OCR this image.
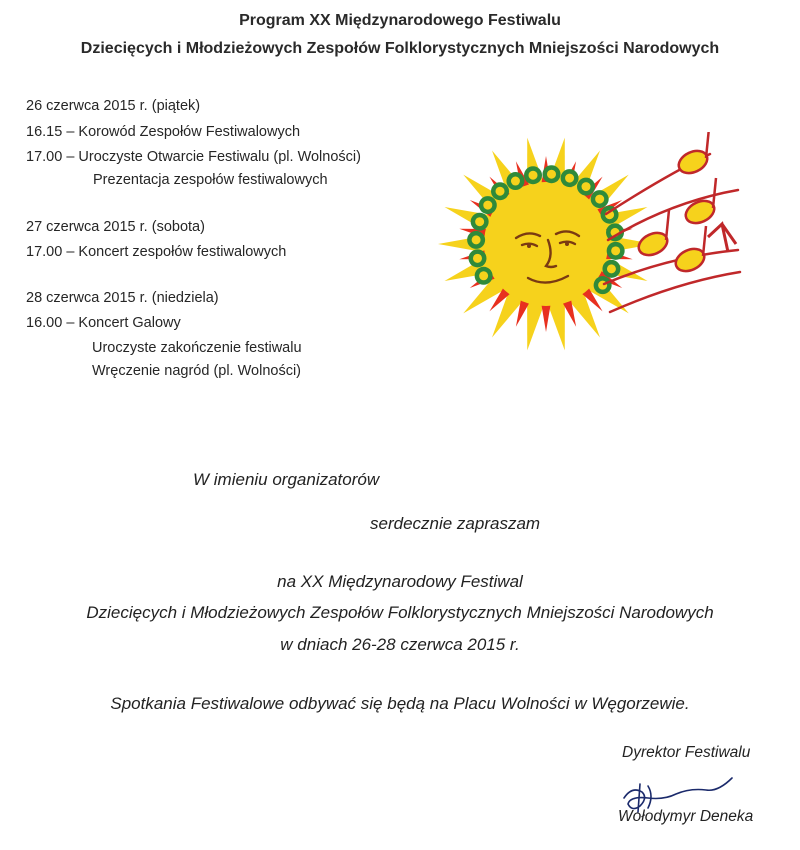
Program XX Międzynarodowego Festiwalu
Dziecięcych i Młodzieżowych Zespołów Folklorystycznych Mniejszości Narodowych
26 czerwca 2015 r. (piątek)
16.15 – Korowód Zespołów Festiwalowych
17.00 – Uroczyste Otwarcie Festiwalu (pl. Wolności)
Prezentacja zespołów festiwalowych
27 czerwca 2015 r. (sobota)
17.00 – Koncert zespołów festiwalowych
28 czerwca 2015 r. (niedziela)
16.00 – Koncert Galowy
Uroczyste zakończenie festiwalu
Wręczenie nagród (pl. Wolności)
W imieniu organizatorów
serdecznie zapraszam
na XX Międzynarodowy Festiwal
Dziecięcych i Młodzieżowych Zespołów Folklorystycznych Mniejszości Narodowych
w dniach 26-28 czerwca 2015 r.
Spotkania Festiwalowe odbywać się będą na Placu Wolności w Węgorzewie.
Dyrektor Festiwalu
Wołodymyr Deneka
